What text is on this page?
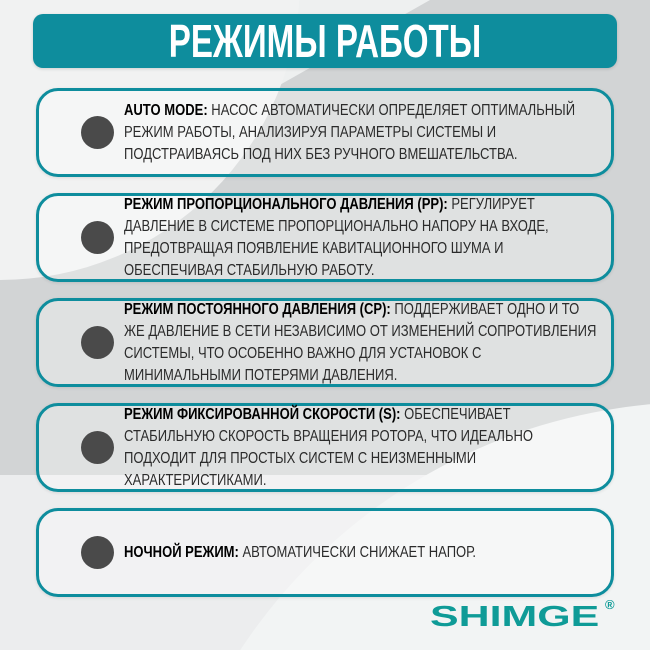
РЕЖИМЫ РАБОТЫ

AUTO MODE: НАСОС АВТОМАТИЧЕСКИ ОПРЕДЕЛЯЕТ ОПТИМАЛЬНЫЙ РЕЖИМ РАБОТЫ, АНАЛИЗИРУЯ ПАРАМЕТРЫ СИСТЕМЫ И ПОДСТРАИВАЯСЬ ПОД НИХ БЕЗ РУЧНОГО ВМЕШАТЕЛЬСТВА.

РЕЖИМ ПРОПОРЦИОНАЛЬНОГО ДАВЛЕНИЯ (PP): РЕГУЛИРУЕТ ДАВЛЕНИЕ В СИСТЕМЕ ПРОПОРЦИОНАЛЬНО НАПОРУ НА ВХОДЕ, ПРЕДОТВРАЩАЯ ПОЯВЛЕНИЕ КАВИТАЦИОННОГО ШУМА И ОБЕСПЕЧИВАЯ СТАБИЛЬНУЮ РАБОТУ.

РЕЖИМ ПОСТОЯННОГО ДАВЛЕНИЯ (CP): ПОДДЕРЖИВАЕТ ОДНО И ТО ЖЕ ДАВЛЕНИЕ В СЕТИ НЕЗАВИСИМО ОТ ИЗМЕНЕНИЙ СОПРОТИВЛЕНИЯ СИСТЕМЫ, ЧТО ОСОБЕННО ВАЖНО ДЛЯ УСТАНОВОК С МИНИМАЛЬНЫМИ ПОТЕРЯМИ ДАВЛЕНИЯ.

РЕЖИМ ФИКСИРОВАННОЙ СКОРОСТИ (S): ОБЕСПЕЧИВАЕТ СТАБИЛЬНУЮ СКОРОСТЬ ВРАЩЕНИЯ РОТОРА, ЧТО ИДЕАЛЬНО ПОДХОДИТ ДЛЯ ПРОСТЫХ СИСТЕМ С НЕИЗМЕННЫМИ ХАРАКТЕРИСТИКАМИ.

НОЧНОЙ РЕЖИМ: АВТОМАТИЧЕСКИ СНИЖАЕТ НАПОР.

SHIMGE ®
